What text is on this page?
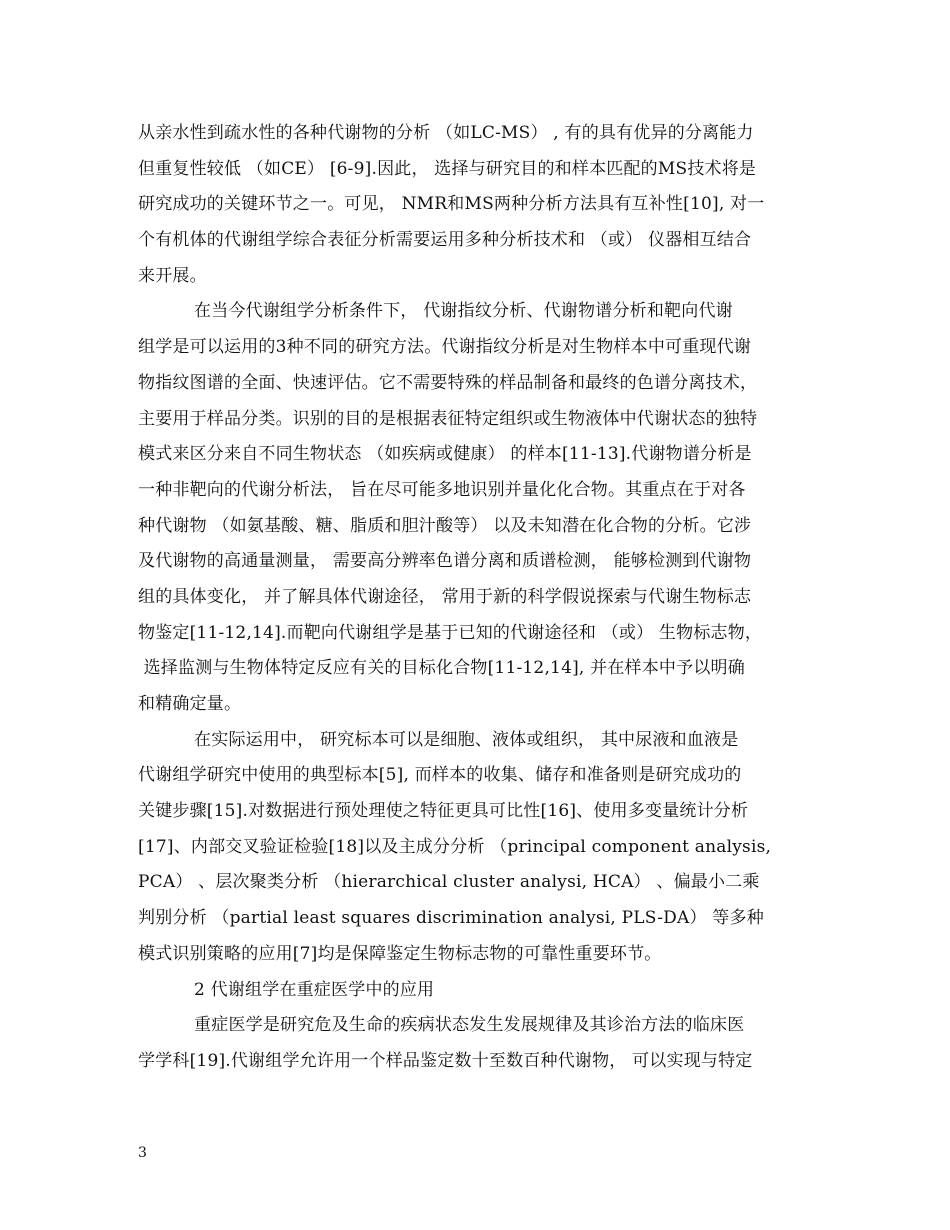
从亲水性到疏水性的各种代谢物的分析 （如LC-MS） , 有的具有优异的分离能力
但重复性较低 （如CE） [6-9].因此， 选择与研究目的和样本匹配的MS技术将是
研究成功的关键环节之一。可见， NMR和MS两种分析方法具有互补性[10], 对一
个有机体的代谢组学综合表征分析需要运用多种分析技术和 （或） 仪器相互结合
来开展。
在当今代谢组学分析条件下， 代谢指纹分析、代谢物谱分析和靶向代谢
组学是可以运用的3种不同的研究方法。代谢指纹分析是对生物样本中可重现代谢
物指纹图谱的全面、快速评估。它不需要特殊的样品制备和最终的色谱分离技术，
主要用于样品分类。识别的目的是根据表征特定组织或生物液体中代谢状态的独特
模式来区分来自不同生物状态 （如疾病或健康） 的样本[11-13].代谢物谱分析是
一种非靶向的代谢分析法， 旨在尽可能多地识别并量化化合物。其重点在于对各
种代谢物 （如氨基酸、糖、脂质和胆汁酸等） 以及未知潜在化合物的分析。它涉
及代谢物的高通量测量， 需要高分辨率色谱分离和质谱检测， 能够检测到代谢物
组的具体变化， 并了解具体代谢途径， 常用于新的科学假说探索与代谢生物标志
物鉴定[11-12,14].而靶向代谢组学是基于已知的代谢途径和 （或） 生物标志物，
选择监测与生物体特定反应有关的目标化合物[11-12,14], 并在样本中予以明确
和精确定量。
在实际运用中， 研究标本可以是细胞、液体或组织， 其中尿液和血液是
代谢组学研究中使用的典型标本[5], 而样本的收集、储存和准备则是研究成功的
关键步骤[15].对数据进行预处理使之特征更具可比性[16]、使用多变量统计分析
[17]、内部交叉验证检验[18]以及主成分分析 （principal component analysis,
PCA） 、层次聚类分析 （hierarchical cluster analysi, HCA） 、偏最小二乘
判别分析 （partial least squares discrimination analysi, PLS-DA） 等多种
模式识别策略的应用[7]均是保障鉴定生物标志物的可靠性重要环节。
2 代谢组学在重症医学中的应用
重症医学是研究危及生命的疾病状态发生发展规律及其诊治方法的临床医
学学科[19].代谢组学允许用一个样品鉴定数十至数百种代谢物， 可以实现与特定
3
